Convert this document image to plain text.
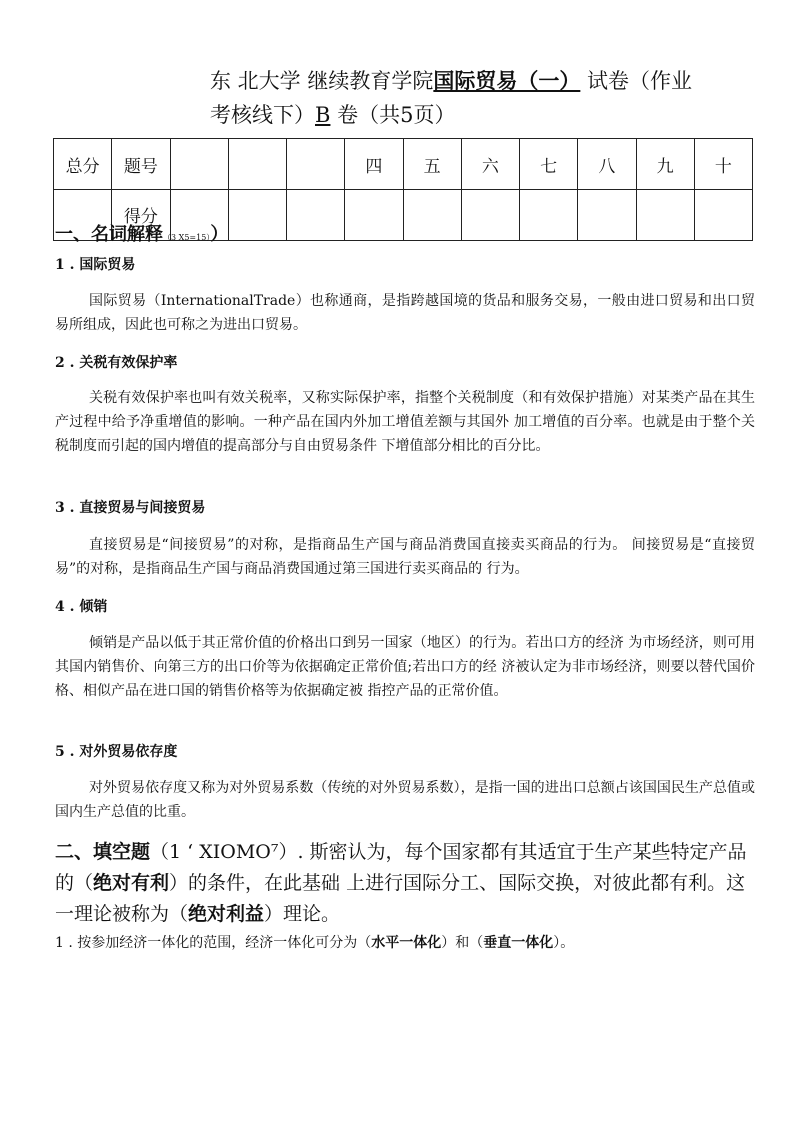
东 北大学 继续教育学院国际贸易（一） 试卷（作业
考核线下）B 卷（共5页）
总分	题号				四	五	六	七	八	九	十
	得分										
一、名词解释（3 X5=15））
1 . 国际贸易
国际贸易（InternationalTrade）也称通商，是指跨越国境的货品和服务交易，一般由进口贸易和出口贸易所组成，因此也可称之为进出口贸易。
2 . 关税有效保护率
关税有效保护率也叫有效关税率，又称实际保护率，指整个关税制度（和有效保护措施）对某类产品在其生产过程中给予净重增值的影响。一种产品在国内外加工增值差额与其国外 加工增值的百分率。也就是由于整个关税制度而引起的国内增值的提高部分与自由贸易条件 下增值部分相比的百分比。
3 . 直接贸易与间接贸易
直接贸易是“间接贸易”的对称，是指商品生产国与商品消费国直接卖买商品的行为。 间接贸易是“直接贸易”的对称，是指商品生产国与商品消费国通过第三国进行卖买商品的 行为。
4 . 倾销
倾销是产品以低于其正常价值的价格出口到另一国家（地区）的行为。若出口方的经济 为市场经济，则可用其国内销售价、向第三方的出口价等为依据确定正常价值;若出口方的经 济被认定为非市场经济，则要以替代国价格、相似产品在进口国的销售价格等为依据确定被 指控产品的正常价值。
5 . 对外贸易依存度
对外贸易依存度又称为对外贸易系数（传统的对外贸易系数），是指一国的进出口总额占该国国民生产总值或国内生产总值的比重。
二、填空题（1 ‘ XIOMO⁷）. 斯密认为，每个国家都有其适宜于生产某些特定产品的（绝对有利）的条件，在此基础 上进行国际分工、国际交换，对彼此都有利。这一理论被称为（绝对利益）理论。
1 . 按参加经济一体化的范围，经济一体化可分为（水平一体化）和（垂直一体化）。
